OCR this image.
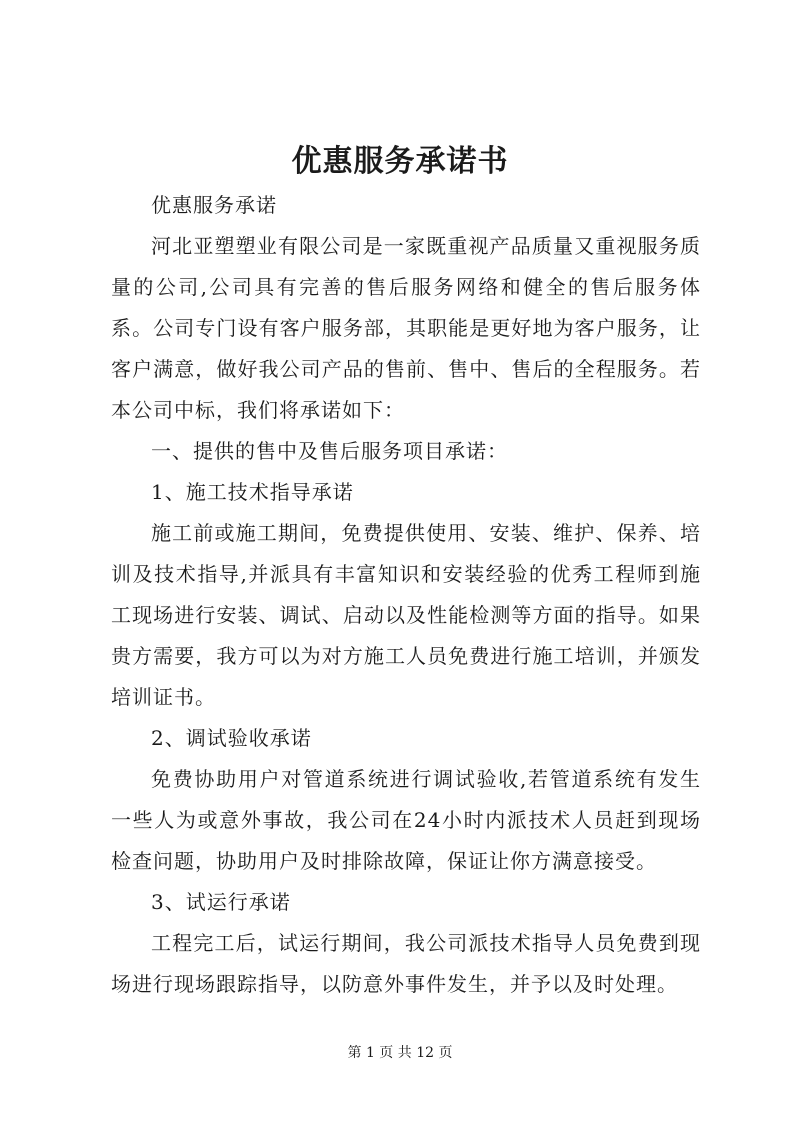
优惠服务承诺书

优惠服务承诺

河北亚塑塑业有限公司是一家既重视产品质量又重视服务质量的公司,公司具有完善的售后服务网络和健全的售后服务体系。公司专门设有客户服务部，其职能是更好地为客户服务，让客户满意，做好我公司产品的售前、售中、售后的全程服务。若本公司中标，我们将承诺如下：

一、提供的售中及售后服务项目承诺：

1、施工技术指导承诺

施工前或施工期间，免费提供使用、安装、维护、保养、培训及技术指导,并派具有丰富知识和安装经验的优秀工程师到施工现场进行安装、调试、启动以及性能检测等方面的指导。如果贵方需要，我方可以为对方施工人员免费进行施工培训，并颁发培训证书。

2、调试验收承诺

免费协助用户对管道系统进行调试验收,若管道系统有发生一些人为或意外事故，我公司在24小时内派技术人员赶到现场检查问题，协助用户及时排除故障，保证让你方满意接受。

3、试运行承诺

工程完工后，试运行期间，我公司派技术指导人员免费到现场进行现场跟踪指导，以防意外事件发生，并予以及时处理。

第 1 页 共 12 页
